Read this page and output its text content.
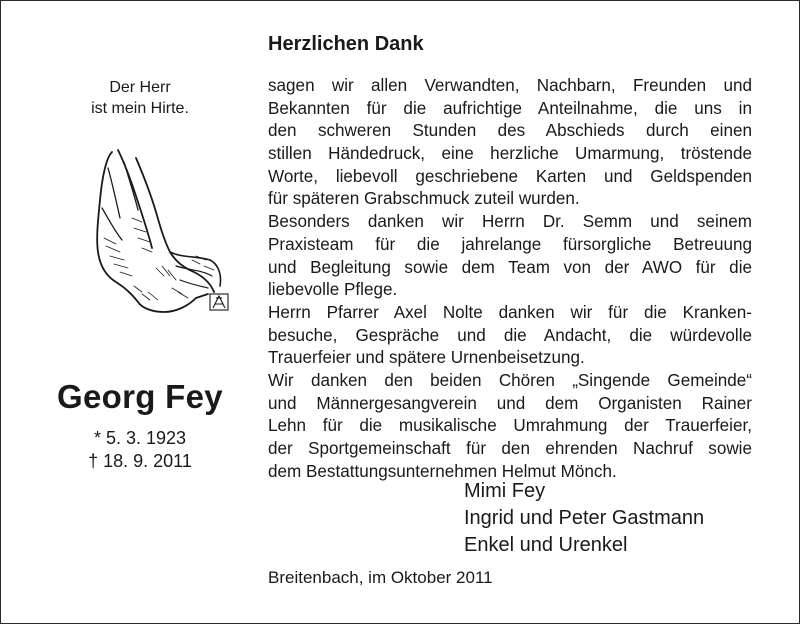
Der Herr
ist mein Hirte.
Georg Fey
* 5. 3. 1923
† 18. 9. 2011
Herzlichen Dank
sagen wir allen Verwandten, Nachbarn, Freunden und
Bekannten für die aufrichtige Anteilnahme, die uns in
den schweren Stunden des Abschieds durch einen
stillen Händedruck, eine herzliche Umarmung, tröstende
Worte, liebevoll geschriebene Karten und Geldspenden
für späteren Grabschmuck zuteil wurden.
Besonders danken wir Herrn Dr. Semm und seinem
Praxisteam für die jahrelange fürsorgliche Betreuung
und Begleitung sowie dem Team von der AWO für die
liebevolle Pflege.
Herrn Pfarrer Axel Nolte danken wir für die Kranken-
besuche, Gespräche und die Andacht, die würdevolle
Trauerfeier und spätere Urnenbeisetzung.
Wir danken den beiden Chören „Singende Gemeinde“
und Männergesangverein und dem Organisten Rainer
Lehn für die musikalische Umrahmung der Trauerfeier,
der Sportgemeinschaft für den ehrenden Nachruf sowie
dem Bestattungsunternehmen Helmut Mönch.
Mimi Fey
Ingrid und Peter Gastmann
Enkel und Urenkel
Breitenbach, im Oktober 2011
